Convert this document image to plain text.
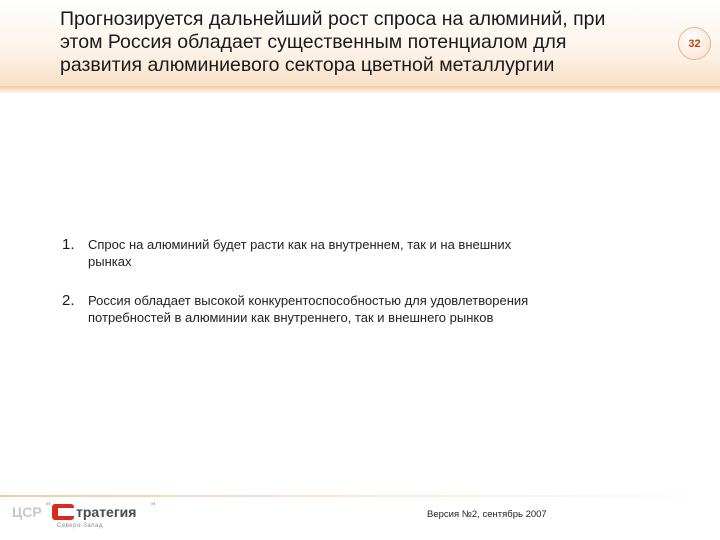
Прогнозируется дальнейший рост спроса на алюминий, при
этом Россия обладает существенным потенциалом для
развития алюминиевого сектора цветной металлургии
32
1.	Спрос на алюминий будет расти как на внутреннем, так и на внешних
рынках
2.	Россия обладает высокой конкурентоспособностью для удовлетворения
потребностей в алюминии как внутреннего, так и внешнего рынков
ЦСР " тратегия "
Северо-Запад
Версия №2, сентябрь 2007
